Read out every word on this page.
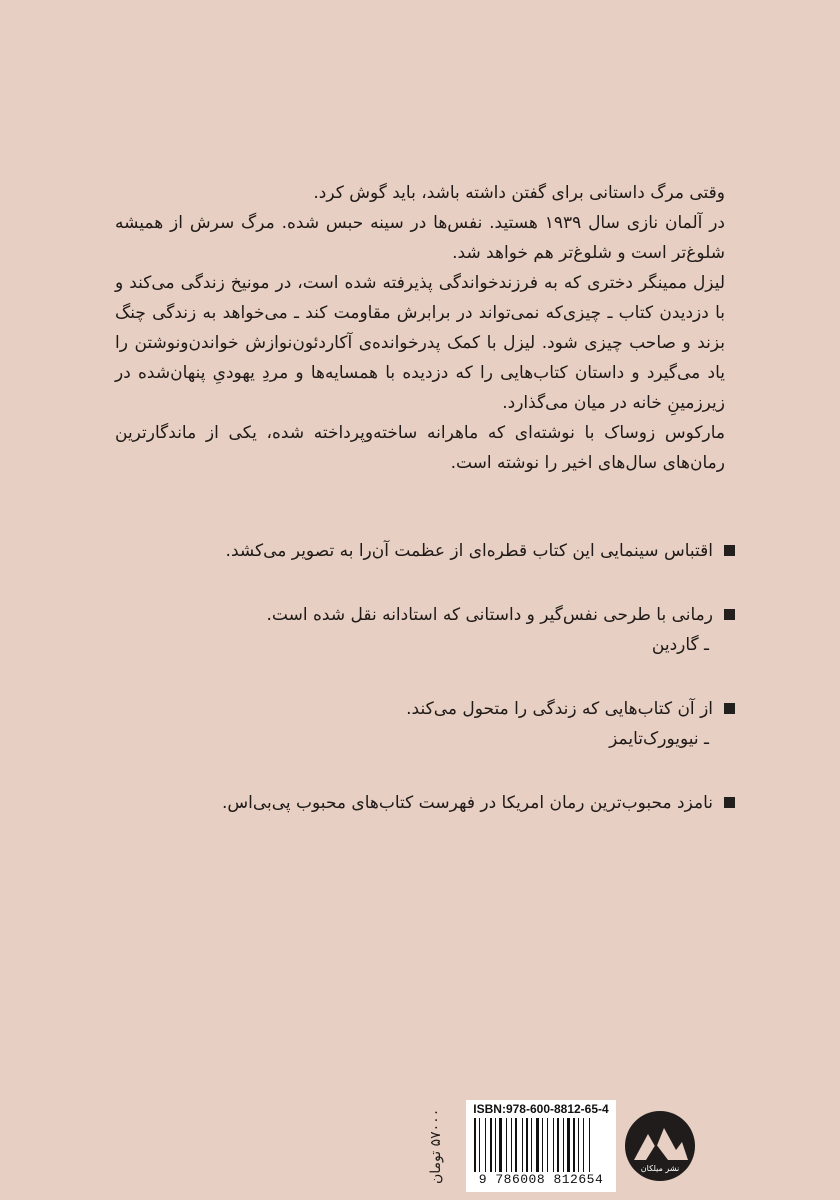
وقتی مرگ داستانی برای گفتن داشته باشد، باید گوش کرد.

در آلمان نازی سال ۱۹۳۹ هستید. نفس‌ها در سینه حبس شده. مرگ سرش از همیشه شلوغ‌تر است و شلوغ‌تر هم خواهد شد.

لیزل ممینگر دختری که به فرزندخواندگی پذیرفته شده است، در مونیخ زندگی می‌کند و با دزدیدن کتاب ـ چیزی‌که نمی‌تواند در برابرش مقاومت کند ـ می‌خواهد به زندگی چنگ بزند و صاحب چیزی شود. لیزل با کمک پدرخوانده‌ی آکاردئون‌نوازش خواندن‌ونوشتن را یاد می‌گیرد و داستان کتاب‌هایی را که دزدیده با همسایه‌ها و مردِ یهودیِ پنهان‌شده در زیرزمینِ خانه در میان می‌گذارد.

مارکوس زوساک با نوشته‌ای که ماهرانه ساخته‌وپرداخته شده، یکی از ماندگارترین رمان‌های سال‌های اخیر را نوشته است.

اقتباس سینمایی این کتاب قطره‌ای از عظمت آن‌را به تصویر می‌کشد.
رمانی با طرحی نفس‌گیر و داستانی که استادانه نقل شده است.
ـ گاردین
از آن کتاب‌هایی که زندگی را متحول می‌کند.
ـ نیویورک‌تایمز
نامزد محبوب‌ترین رمان امریکا در فهرست کتاب‌های محبوب پی‌بی‌اس.
۵۷۰۰۰ تومان	ISBN:978-600-8812-65-4
9 786008 812654
نشر میلکان
